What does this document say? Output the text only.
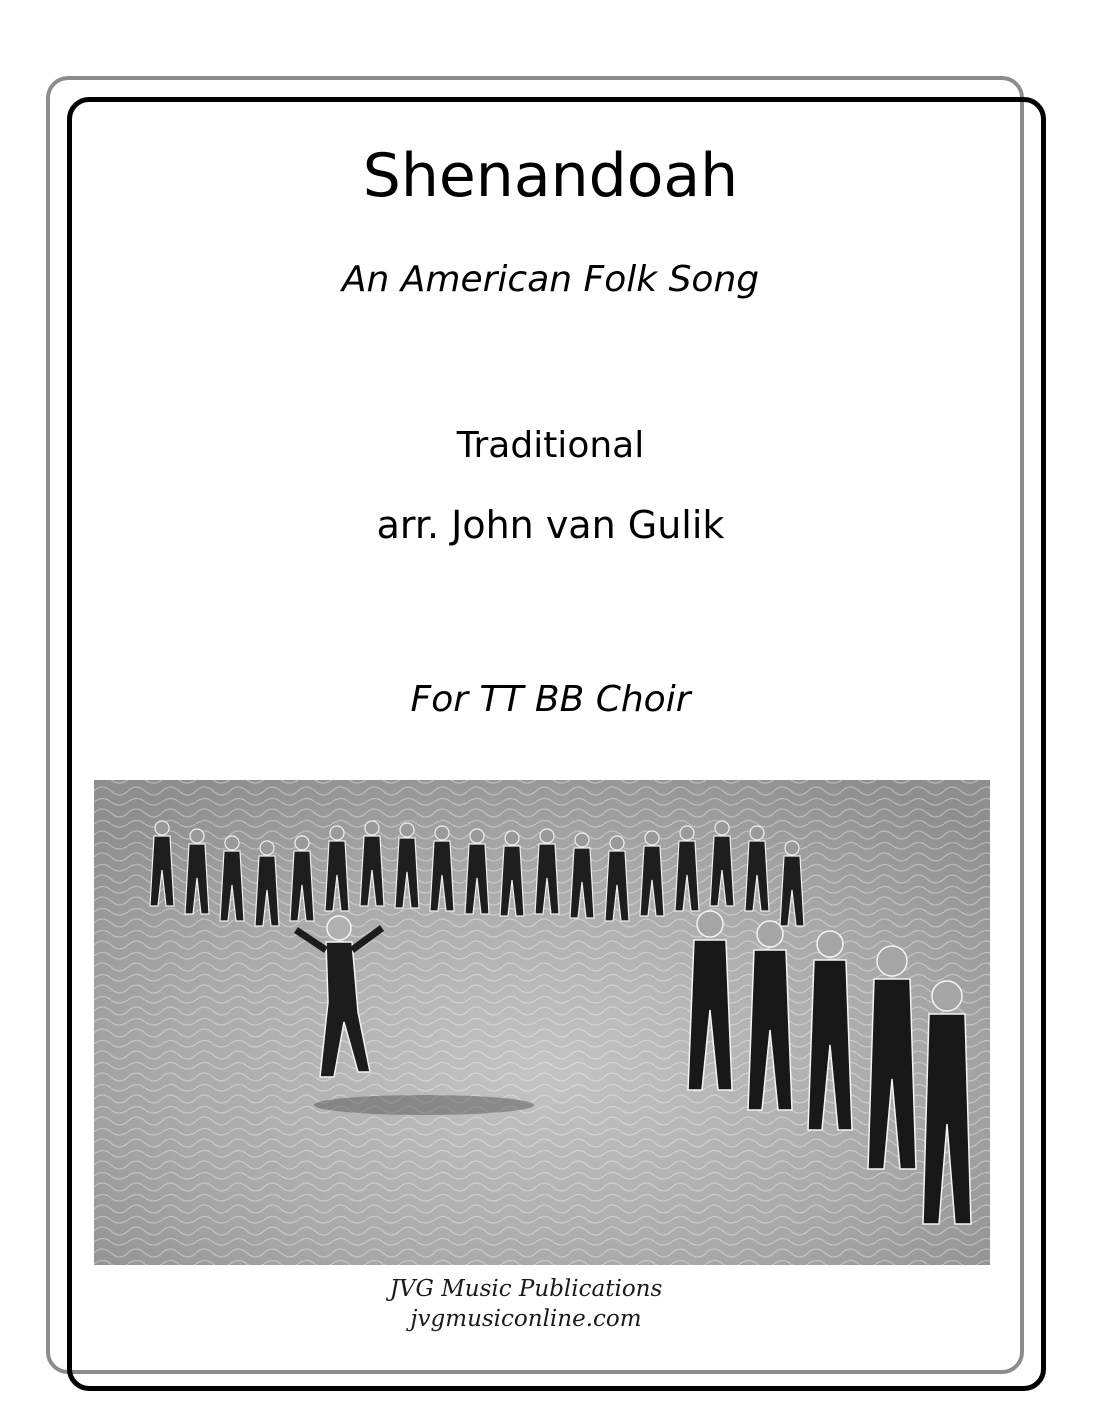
Shenandoah
An American Folk Song
Traditional
arr. John van Gulik
For TT BB Choir
JVG Music Publications
jvgmusiconline.com
